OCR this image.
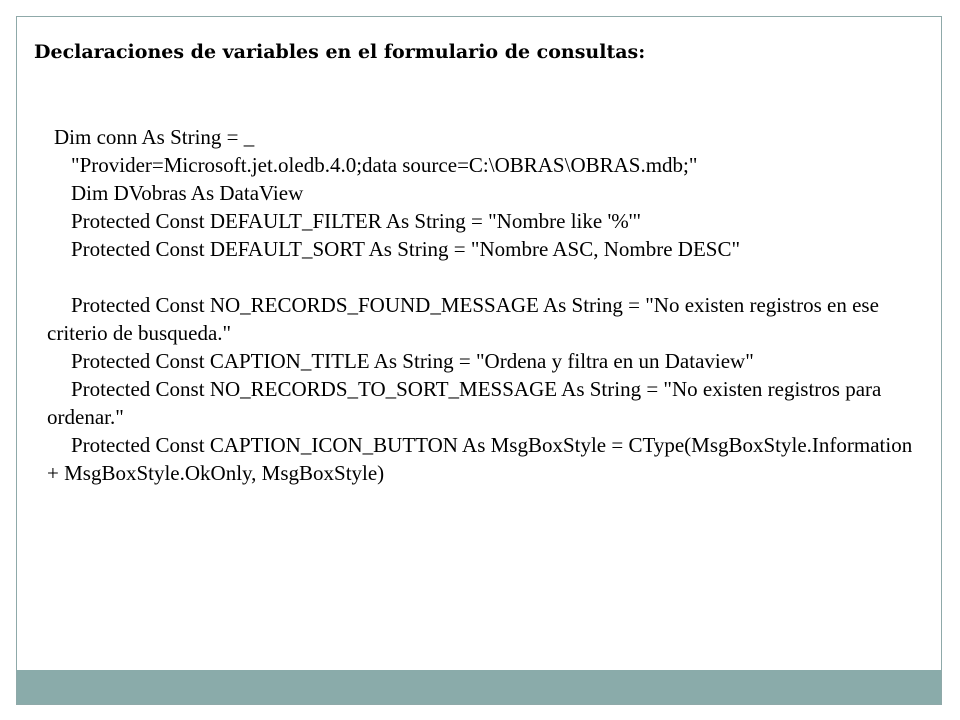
Declaraciones de variables en el formulario de consultas:
Dim conn As String = _
"Provider=Microsoft.jet.oledb.4.0;data source=C:\OBRAS\OBRAS.mdb;"
Dim DVobras As DataView
Protected Const DEFAULT_FILTER As String = "Nombre like '%'"
Protected Const DEFAULT_SORT As String = "Nombre ASC, Nombre DESC"
Protected Const NO_RECORDS_FOUND_MESSAGE As String = "No existen registros en ese criterio de busqueda."
Protected Const CAPTION_TITLE As String = "Ordena y filtra en un Dataview"
Protected Const NO_RECORDS_TO_SORT_MESSAGE As String = "No existen registros para ordenar."
Protected Const CAPTION_ICON_BUTTON As MsgBoxStyle = CType(MsgBoxStyle.Information + MsgBoxStyle.OkOnly, MsgBoxStyle)
